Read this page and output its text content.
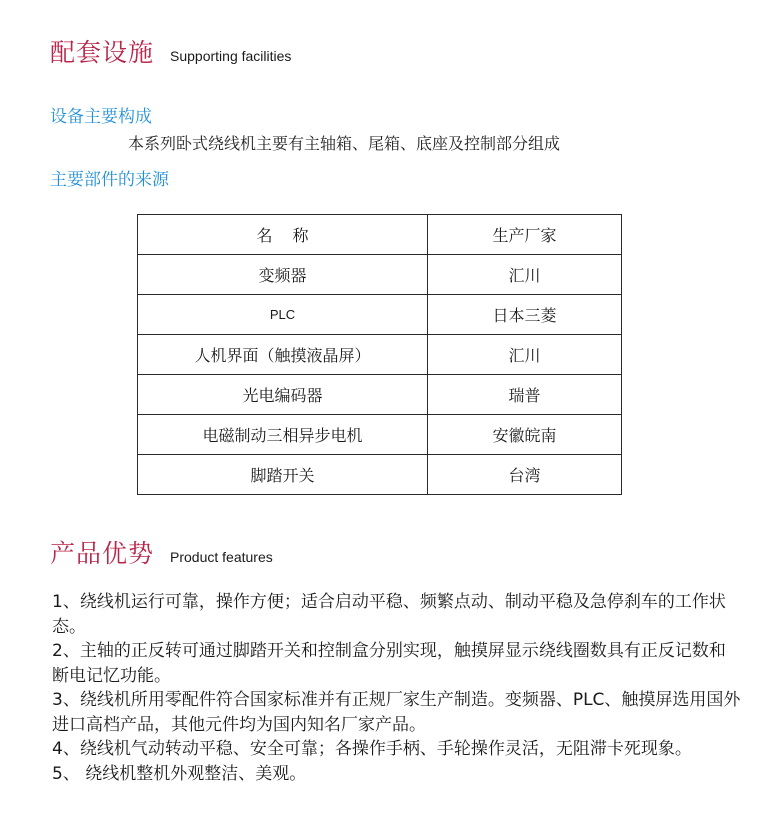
配套设施 Supporting facilities
设备主要构成
本系列卧式绕线机主要有主轴箱、尾箱、底座及控制部分组成
主要部件的来源
名称	生产厂家
变频器	汇川
PLC	日本三菱
人机界面（触摸液晶屏）	汇川
光电编码器	瑞普
电磁制动三相异步电机	安徽皖南
脚踏开关	台湾
产品优势 Product features

1、绕线机运行可靠，操作方便；适合启动平稳、频繁点动、制动平稳及急停刹车的工作状态。

2、主轴的正反转可通过脚踏开关和控制盒分别实现，触摸屏显示绕线圈数具有正反记数和断电记忆功能。

3、绕线机所用零配件符合国家标准并有正规厂家生产制造。变频器、PLC、触摸屏选用国外进口高档产品，其他元件均为国内知名厂家产品。

4、绕线机气动转动平稳、安全可靠；各操作手柄、手轮操作灵活，无阻滞卡死现象。

5、 绕线机整机外观整洁、美观。
